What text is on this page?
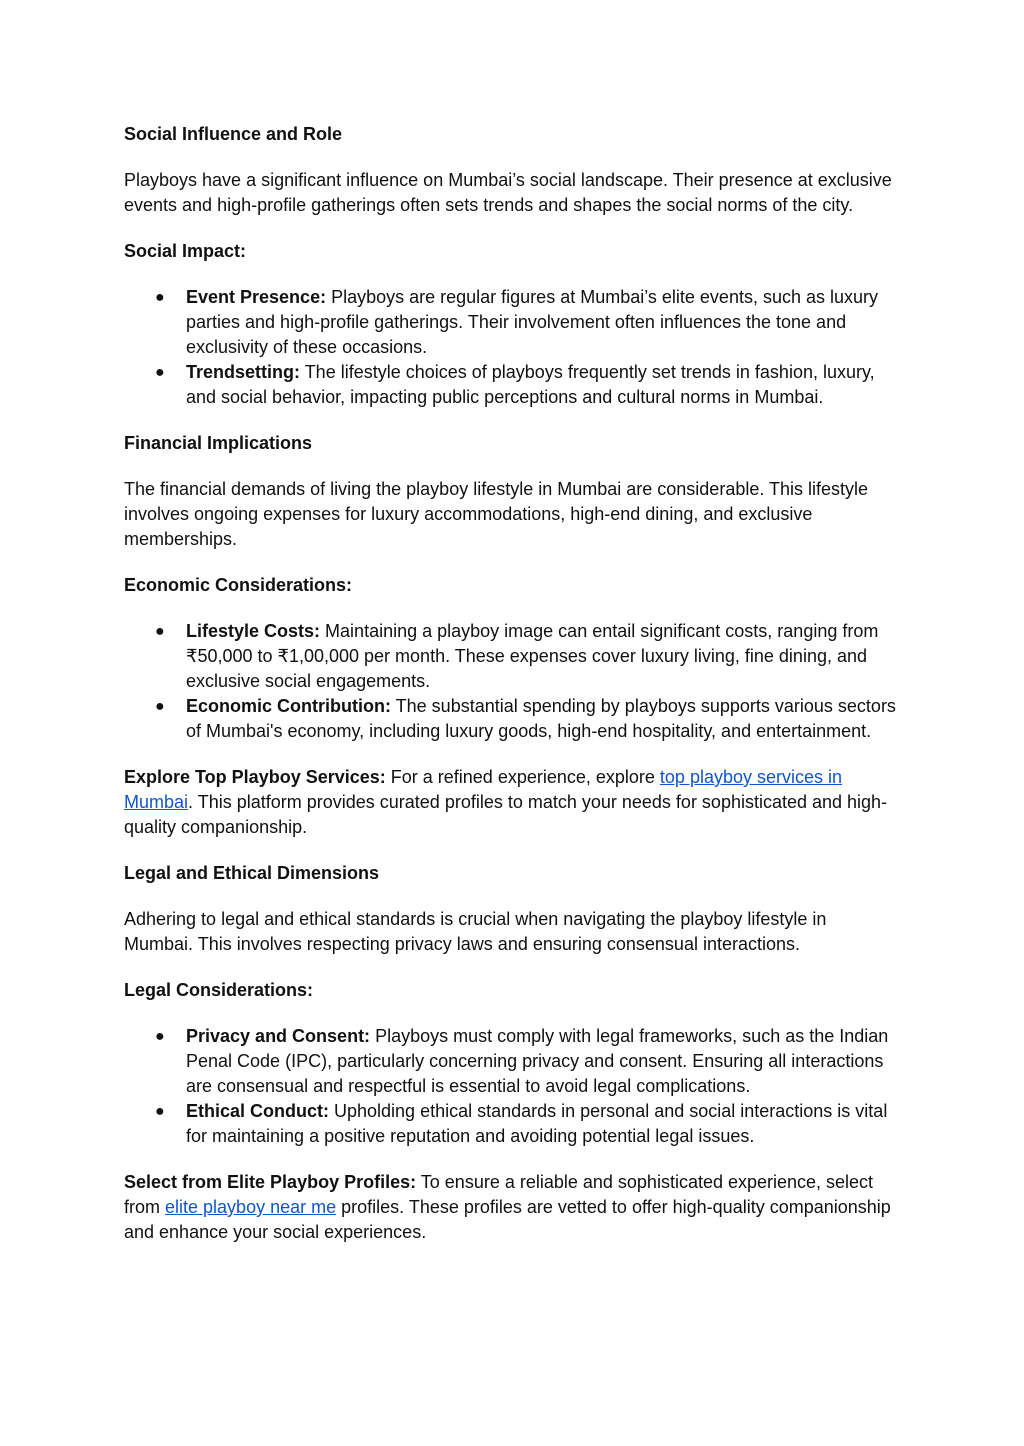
Social Influence and Role
Playboys have a significant influence on Mumbai’s social landscape. Their presence at exclusive events and high-profile gatherings often sets trends and shapes the social norms of the city.
Social Impact:
● Event Presence: Playboys are regular figures at Mumbai’s elite events, such as luxury parties and high-profile gatherings. Their involvement often influences the tone and exclusivity of these occasions.
● Trendsetting: The lifestyle choices of playboys frequently set trends in fashion, luxury, and social behavior, impacting public perceptions and cultural norms in Mumbai.
Financial Implications
The financial demands of living the playboy lifestyle in Mumbai are considerable. This lifestyle involves ongoing expenses for luxury accommodations, high-end dining, and exclusive memberships.
Economic Considerations:
● Lifestyle Costs: Maintaining a playboy image can entail significant costs, ranging from ₹50,000 to ₹1,00,000 per month. These expenses cover luxury living, fine dining, and exclusive social engagements.
● Economic Contribution: The substantial spending by playboys supports various sectors of Mumbai's economy, including luxury goods, high-end hospitality, and entertainment.
Explore Top Playboy Services: For a refined experience, explore top playboy services in Mumbai. This platform provides curated profiles to match your needs for sophisticated and high-quality companionship.
Legal and Ethical Dimensions
Adhering to legal and ethical standards is crucial when navigating the playboy lifestyle in Mumbai. This involves respecting privacy laws and ensuring consensual interactions.
Legal Considerations:
● Privacy and Consent: Playboys must comply with legal frameworks, such as the Indian Penal Code (IPC), particularly concerning privacy and consent. Ensuring all interactions are consensual and respectful is essential to avoid legal complications.
● Ethical Conduct: Upholding ethical standards in personal and social interactions is vital for maintaining a positive reputation and avoiding potential legal issues.
Select from Elite Playboy Profiles: To ensure a reliable and sophisticated experience, select from elite playboy near me profiles. These profiles are vetted to offer high-quality companionship and enhance your social experiences.
